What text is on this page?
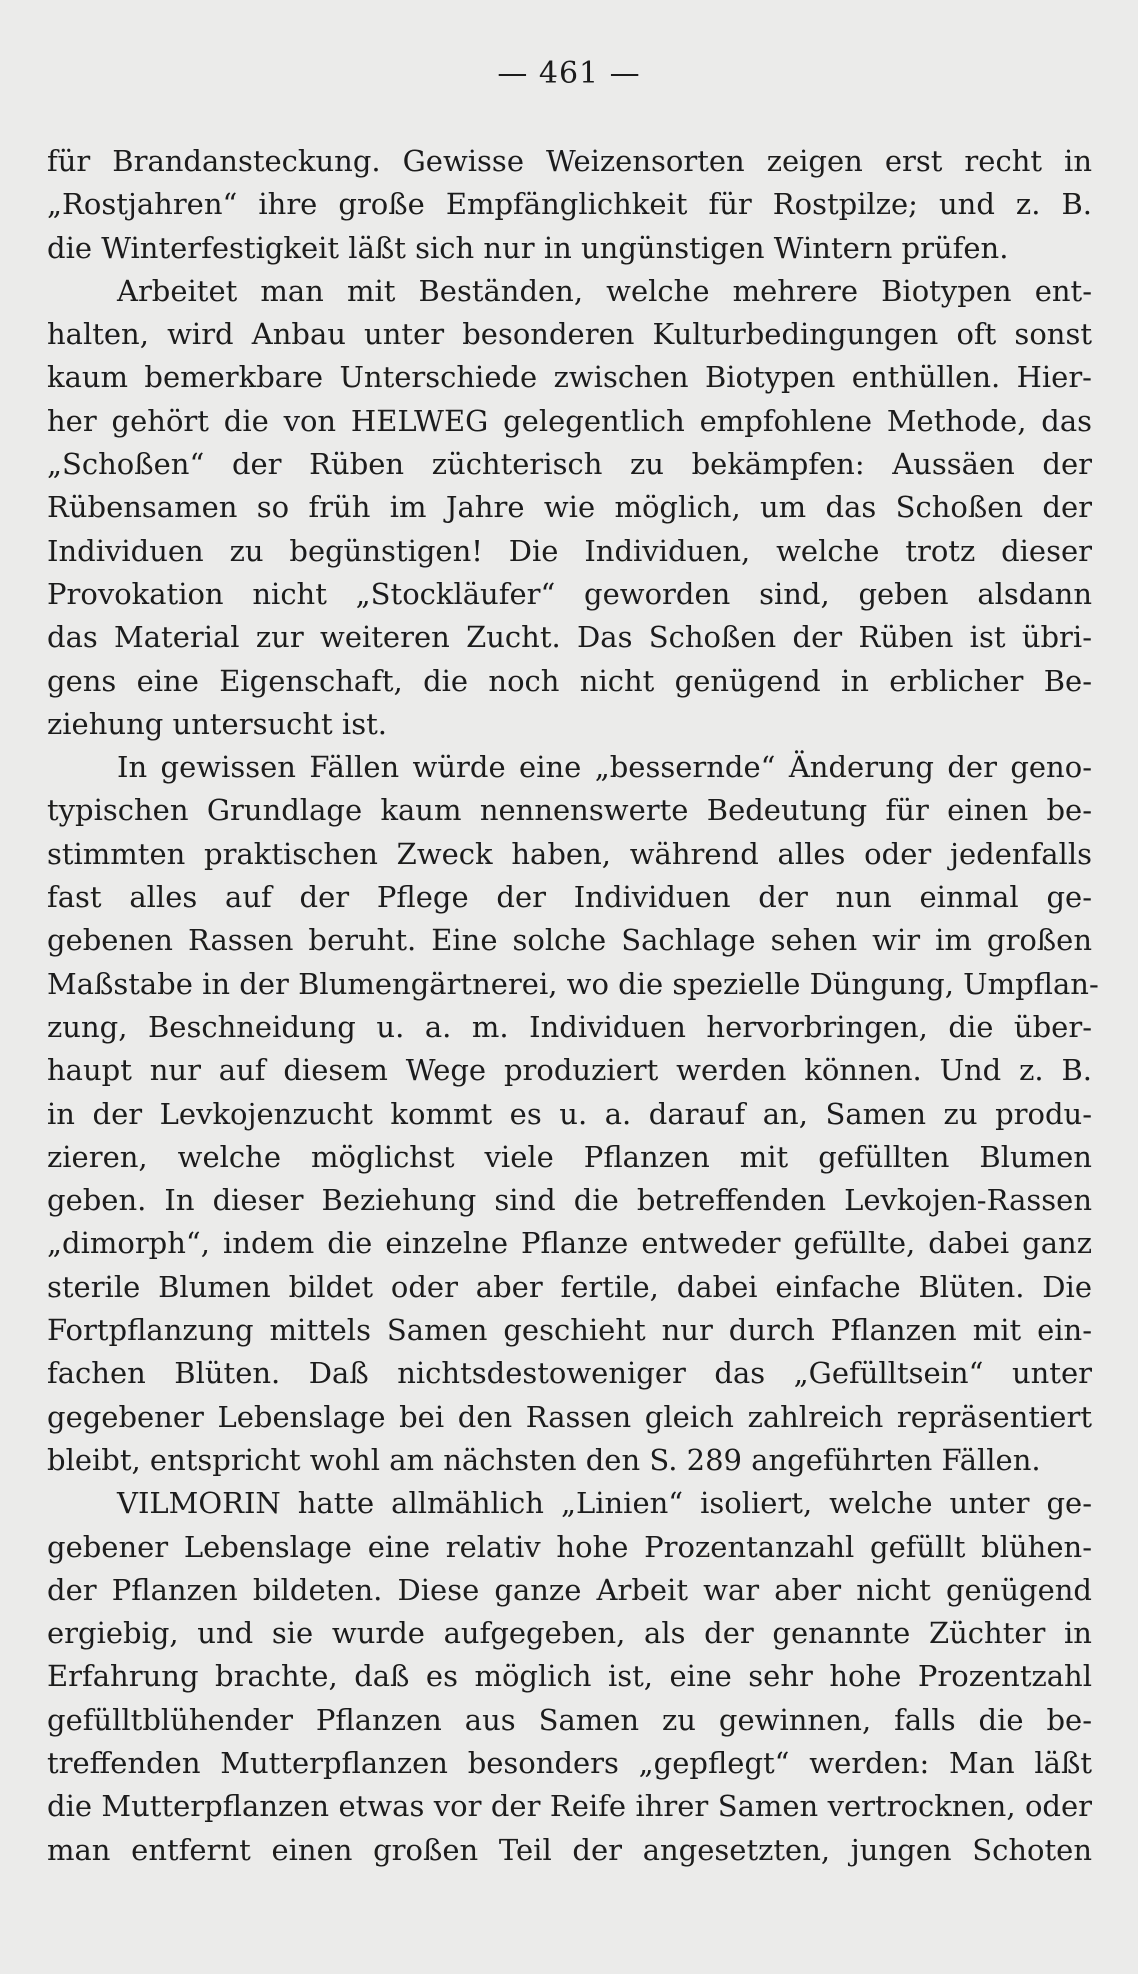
— 461 —
für Brandansteckung. Gewisse Weizensorten zeigen erst recht in
„Rostjahren“ ihre große Empfänglichkeit für Rostpilze; und z. B.
die Winterfestigkeit läßt sich nur in ungünstigen Wintern prüfen.
Arbeitet man mit Beständen, welche mehrere Biotypen ent-
halten, wird Anbau unter besonderen Kulturbedingungen oft sonst
kaum bemerkbare Unterschiede zwischen Biotypen enthüllen. Hier-
her gehört die von HELWEG gelegentlich empfohlene Methode, das
„Schoßen“ der Rüben züchterisch zu bekämpfen: Aussäen der
Rübensamen so früh im Jahre wie möglich, um das Schoßen der
Individuen zu begünstigen! Die Individuen, welche trotz dieser
Provokation nicht „Stockläufer“ geworden sind, geben alsdann
das Material zur weiteren Zucht. Das Schoßen der Rüben ist übri-
gens eine Eigenschaft, die noch nicht genügend in erblicher Be-
ziehung untersucht ist.
In gewissen Fällen würde eine „bessernde“ Änderung der geno-
typischen Grundlage kaum nennenswerte Bedeutung für einen be-
stimmten praktischen Zweck haben, während alles oder jedenfalls
fast alles auf der Pflege der Individuen der nun einmal ge-
gebenen Rassen beruht. Eine solche Sachlage sehen wir im großen
Maßstabe in der Blumengärtnerei, wo die spezielle Düngung, Umpflan-
zung, Beschneidung u. a. m. Individuen hervorbringen, die über-
haupt nur auf diesem Wege produziert werden können. Und z. B.
in der Levkojenzucht kommt es u. a. darauf an, Samen zu produ-
zieren, welche möglichst viele Pflanzen mit gefüllten Blumen
geben. In dieser Beziehung sind die betreffenden Levkojen-Rassen
„dimorph“, indem die einzelne Pflanze entweder gefüllte, dabei ganz
sterile Blumen bildet oder aber fertile, dabei einfache Blüten. Die
Fortpflanzung mittels Samen geschieht nur durch Pflanzen mit ein-
fachen Blüten. Daß nichtsdestoweniger das „Gefülltsein“ unter
gegebener Lebenslage bei den Rassen gleich zahlreich repräsentiert
bleibt, entspricht wohl am nächsten den S. 289 angeführten Fällen.
VILMORIN hatte allmählich „Linien“ isoliert, welche unter ge-
gebener Lebenslage eine relativ hohe Prozentanzahl gefüllt blühen-
der Pflanzen bildeten. Diese ganze Arbeit war aber nicht genügend
ergiebig, und sie wurde aufgegeben, als der genannte Züchter in
Erfahrung brachte, daß es möglich ist, eine sehr hohe Prozentzahl
gefülltblühender Pflanzen aus Samen zu gewinnen, falls die be-
treffenden Mutterpflanzen besonders „gepflegt“ werden: Man läßt
die Mutterpflanzen etwas vor der Reife ihrer Samen vertrocknen, oder
man entfernt einen großen Teil der angesetzten, jungen Schoten
